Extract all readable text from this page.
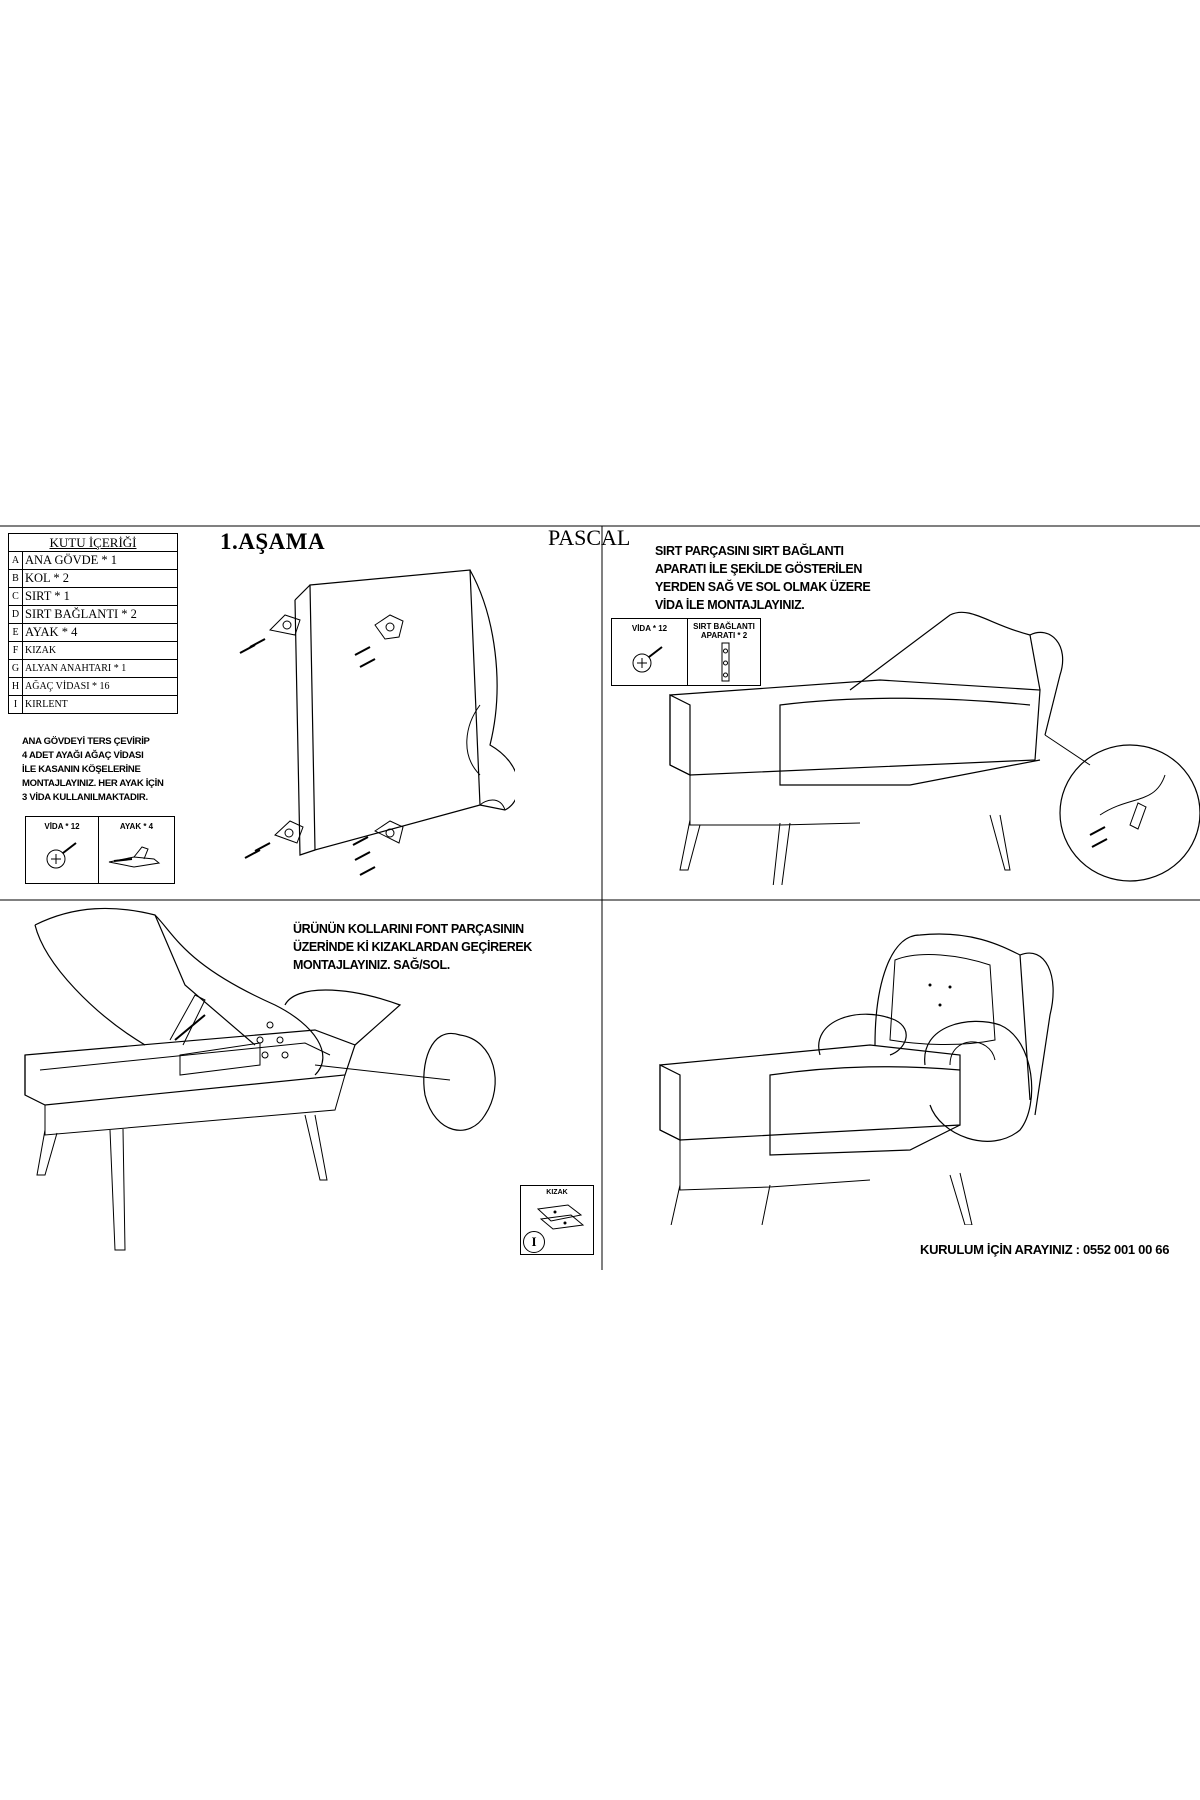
1.AŞAMA	PASCAL
KUTU İÇERİĞİ	
A	ANA GÖVDE * 1
B	KOL * 2
C	SIRT * 1
D	SIRT BAĞLANTI * 2
E	AYAK * 4
F	KIZAK
G	ALYAN ANAHTARI * 1
H	AĞAÇ VİDASI * 16
I	KIRLENT
ANA GÖVDEYİ TERS ÇEVİRİP
4 ADET AYAĞI AĞAÇ VİDASI
İLE KASANIN KÖŞELERİNE
MONTAJLAYINIZ. HER AYAK İÇİN
3 VİDA KULLANILMAKTADIR.
VİDA * 12	AYAK * 4
SIRT PARÇASINI SIRT BAĞLANTI
APARATI İLE ŞEKİLDE GÖSTERİLEN
YERDEN SAĞ VE SOL OLMAK ÜZERE
VİDA İLE MONTAJLAYINIZ.
VİDA * 12	SIRT BAĞLANTI
APARATI * 2
ÜRÜNÜN KOLLARINI FONT PARÇASININ
ÜZERİNDE Kİ KIZAKLARDAN GEÇİREREK
MONTAJLAYINIZ. SAĞ/SOL.
KIZAK
I
KURULUM İÇİN ARAYINIZ : 0552 001 00 66
